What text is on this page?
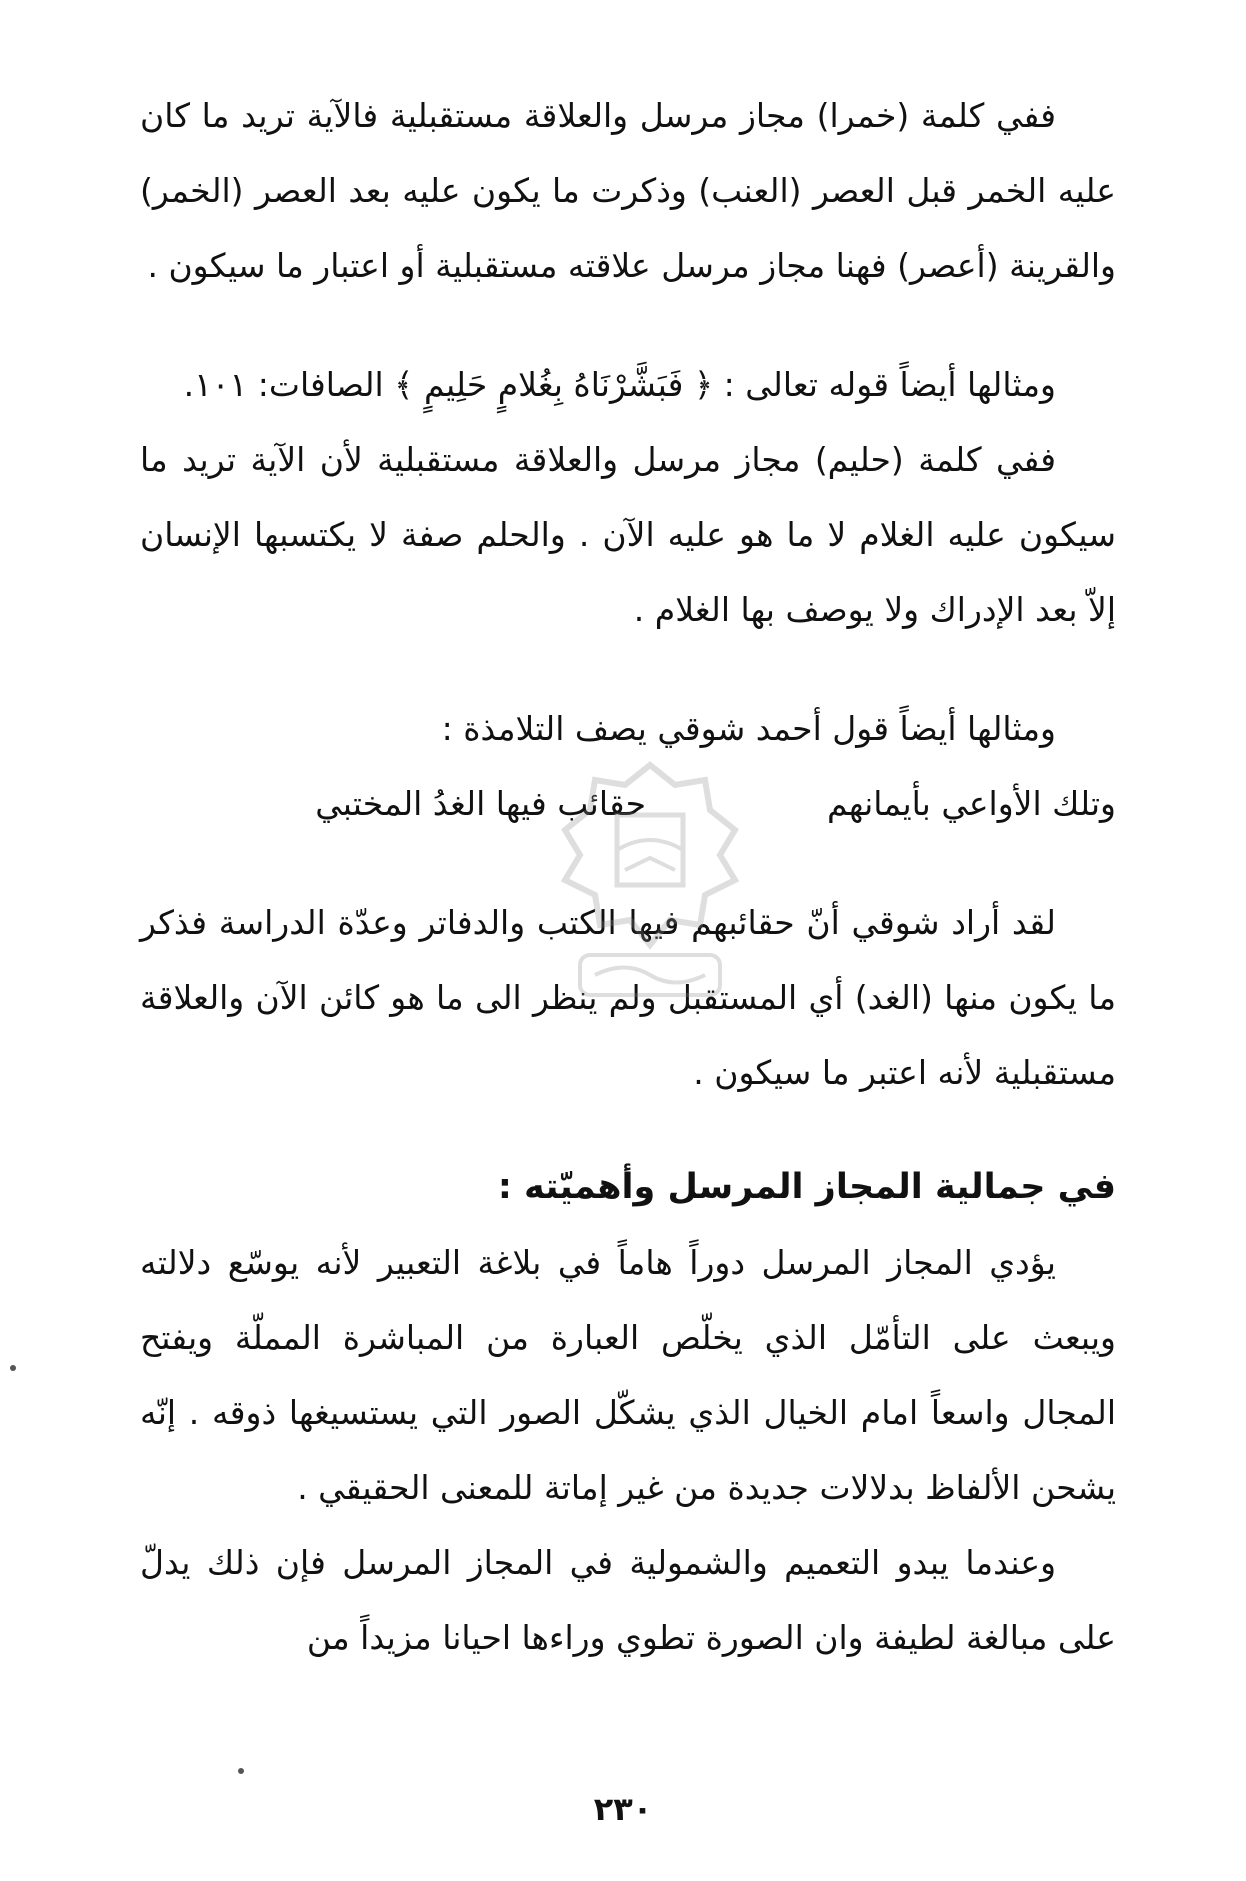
ففي كلمة (خمرا) مجاز مرسل والعلاقة مستقبلية فالآية تريد ما كان عليه الخمر قبل العصر (العنب) وذكرت ما يكون عليه بعد العصر (الخمر) والقرينة (أعصر) فهنا مجاز مرسل علاقته مستقبلية أو اعتبار ما سيكون .

ومثالها أيضاً قوله تعالى : ﴿ فَبَشَّرْنَاهُ بِغُلامٍ حَلِيمٍ ﴾ الصافات: ١٠١.

ففي كلمة (حليم) مجاز مرسل والعلاقة مستقبلية لأن الآية تريد ما سيكون عليه الغلام لا ما هو عليه الآن . والحلم صفة لا يكتسبها الإنسان إلاّ بعد الإدراك ولا يوصف بها الغلام .

ومثالها أيضاً قول أحمد شوقي يصف التلامذة :

وتلك الأواعي بأيمانهم
حقائب فيها الغدُ المختبي

لقد أراد شوقي أنّ حقائبهم فيها الكتب والدفاتر وعدّة الدراسة فذكر ما يكون منها (الغد) أي المستقبل ولم ينظر الى ما هو كائن الآن والعلاقة مستقبلية لأنه اعتبر ما سيكون .

في جمالية المجاز المرسل وأهميّته :

يؤدي المجاز المرسل دوراً هاماً في بلاغة التعبير لأنه يوسّع دلالته ويبعث على التأمّل الذي يخلّص العبارة من المباشرة المملّة ويفتح المجال واسعاً امام الخيال الذي يشكّل الصور التي يستسيغها ذوقه . إنّه يشحن الألفاظ بدلالات جديدة من غير إماتة للمعنى الحقيقي .

وعندما يبدو التعميم والشمولية في المجاز المرسل فإن ذلك يدلّ على مبالغة لطيفة وان الصورة تطوي وراءها احيانا مزيداً من

٢٣٠
